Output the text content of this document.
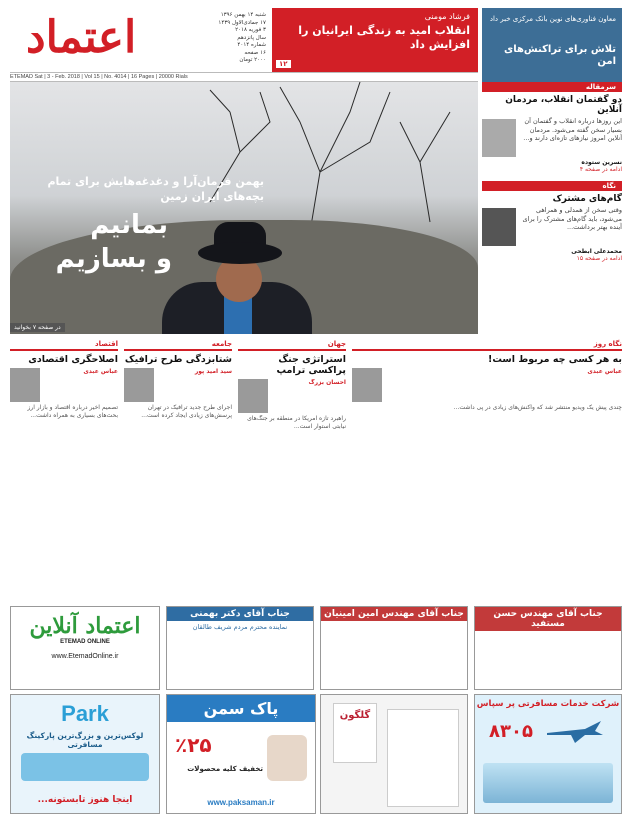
اعتماد	شنبه ۱۴ بهمن ۱۳۹۶
۱۷ جمادی‌الاول ۱۴۳۹
۳ فوریه ۲۰۱۸
سال پانزدهم
شماره ۴۰۱۴
۱۶ صفحه
۲۰۰۰ تومان
ETEMAD Sat | 3 - Feb. 2018 | Vol 15 | No. 4014 | 16 Pages | 20000 Rials
فرشاد مومنی
انقلاب امید به زندگی ایرانیان را افزایش داد
۱۲
معاون فناوری‌های نوین بانک مرکزی خبر داد
تلاش برای تراکنش‌های امن
بهمن فرمان‌آرا و دغدغه‌هایش برای تمام بچه‌های ایران زمین
بمانیم
و بسازیم
در صفحه ۷ بخوانید
سرمقاله
دو گفتمان انقلاب، مردمان آنلاین
این روزها درباره انقلاب و گفتمان آن بسیار سخن گفته می‌شود. مردمان آنلاین امروز نیازهای تازه‌ای دارند و...
نسرین ستوده
ادامه در صفحه ۴
نگاه
گام‌های مشترک
وقتی سخن از همدلی و همراهی می‌شود، باید گام‌های مشترک را برای آینده بهتر برداشت...
محمدعلی ابطحی
ادامه در صفحه ۱۵
اقتصاد
اصلاحگری اقتصادی
عباس عبدی
تصمیم اخیر درباره اقتصاد و بازار ارز بحث‌های بسیاری به همراه داشت...
جامعه
شتابزدگی طرح ترافیک
سید امید پور
اجرای طرح جدید ترافیک در تهران پرسش‌های زیادی ایجاد کرده است...
جهان
استراتژی جنگ پراکسی ترامپ
احسان بزرگ
راهبرد تازه آمریکا در منطقه بر جنگ‌های نیابتی استوار است...
نگاه روز
به هر کسی چه مربوط است!
عباس عبدی
چندی پیش یک ویدیو منتشر شد که واکنش‌های زیادی در پی داشت...
اعتماد آنلاین
ETEMAD ONLINE
www.EtemadOnline.ir
جناب آقای دکتر بهمنی
نماینده محترم مردم شریف طالقان
جناب آقای مهندس امین امینیان	جناب آقای مهندس حسن مستفید
Park
لوکس‌ترین و بزرگ‌ترین پارکینگ مسافرتی
اینجا هنوز تابستونه...
پاک سمن
٪۲۵
تخفیف کلیه محصولات
www.paksaman.ir
گلگون
شرکت خدمات مسافرتی پر سپاس
۸۳۰۵
